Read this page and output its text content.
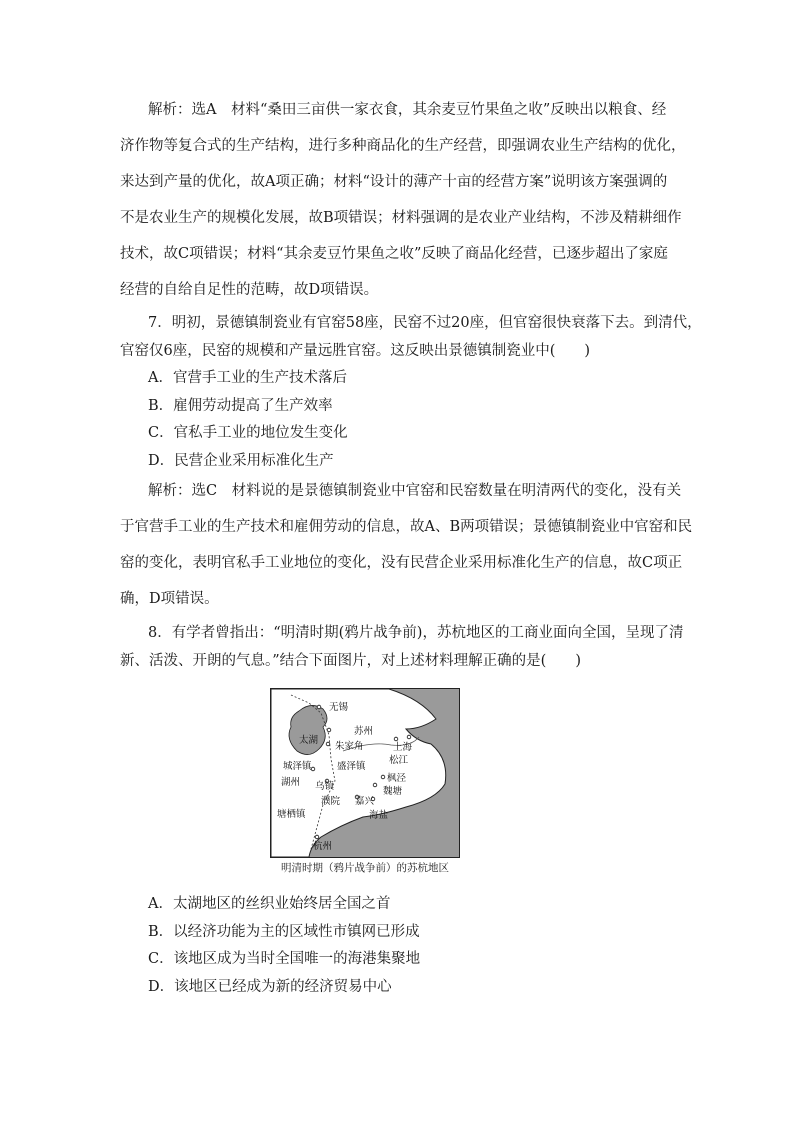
解析：选A　材料“桑田三亩供一家衣食，其余麦豆竹果鱼之收”反映出以粮食、经
济作物等复合式的生产结构，进行多种商品化的生产经营，即强调农业生产结构的优化，
来达到产量的优化，故A项正确；材料“设计的薄产十亩的经营方案”说明该方案强调的
不是农业生产的规模化发展，故B项错误；材料强调的是农业产业结构，不涉及精耕细作
技术，故C项错误；材料“其余麦豆竹果鱼之收”反映了商品化经营，已逐步超出了家庭
经营的自给自足性的范畴，故D项错误。
7．明初，景德镇制瓷业有官窑58座，民窑不过20座，但官窑很快衰落下去。到清代，
官窑仅6座，民窑的规模和产量远胜官窑。这反映出景德镇制瓷业中(　　)
A．官营手工业的生产技术落后
B．雇佣劳动提高了生产效率
C．官私手工业的地位发生变化
D．民营企业采用标准化生产
解析：选C　材料说的是景德镇制瓷业中官窑和民窑数量在明清两代的变化，没有关
于官营手工业的生产技术和雇佣劳动的信息，故A、B两项错误；景德镇制瓷业中官窑和民
窑的变化，表明官私手工业地位的变化，没有民营企业采用标准化生产的信息，故C项正
确，D项错误。
8．有学者曾指出：“明清时期(鸦片战争前)，苏杭地区的工商业面向全国，呈现了清
新、活泼、开朗的气息。”结合下面图片，对上述材料理解正确的是(　　)
无锡
苏州
太湖
朱家角	上海
松江
城泽镇	盛泽镇
湖州 乌镇
枫泾
魏塘
濮院 嘉兴
塘栖镇	海盐
杭州
明清时期（鸦片战争前）的苏杭地区
A．太湖地区的丝织业始终居全国之首
B．以经济功能为主的区域性市镇网已形成
C．该地区成为当时全国唯一的海港集聚地
D．该地区已经成为新的经济贸易中心
